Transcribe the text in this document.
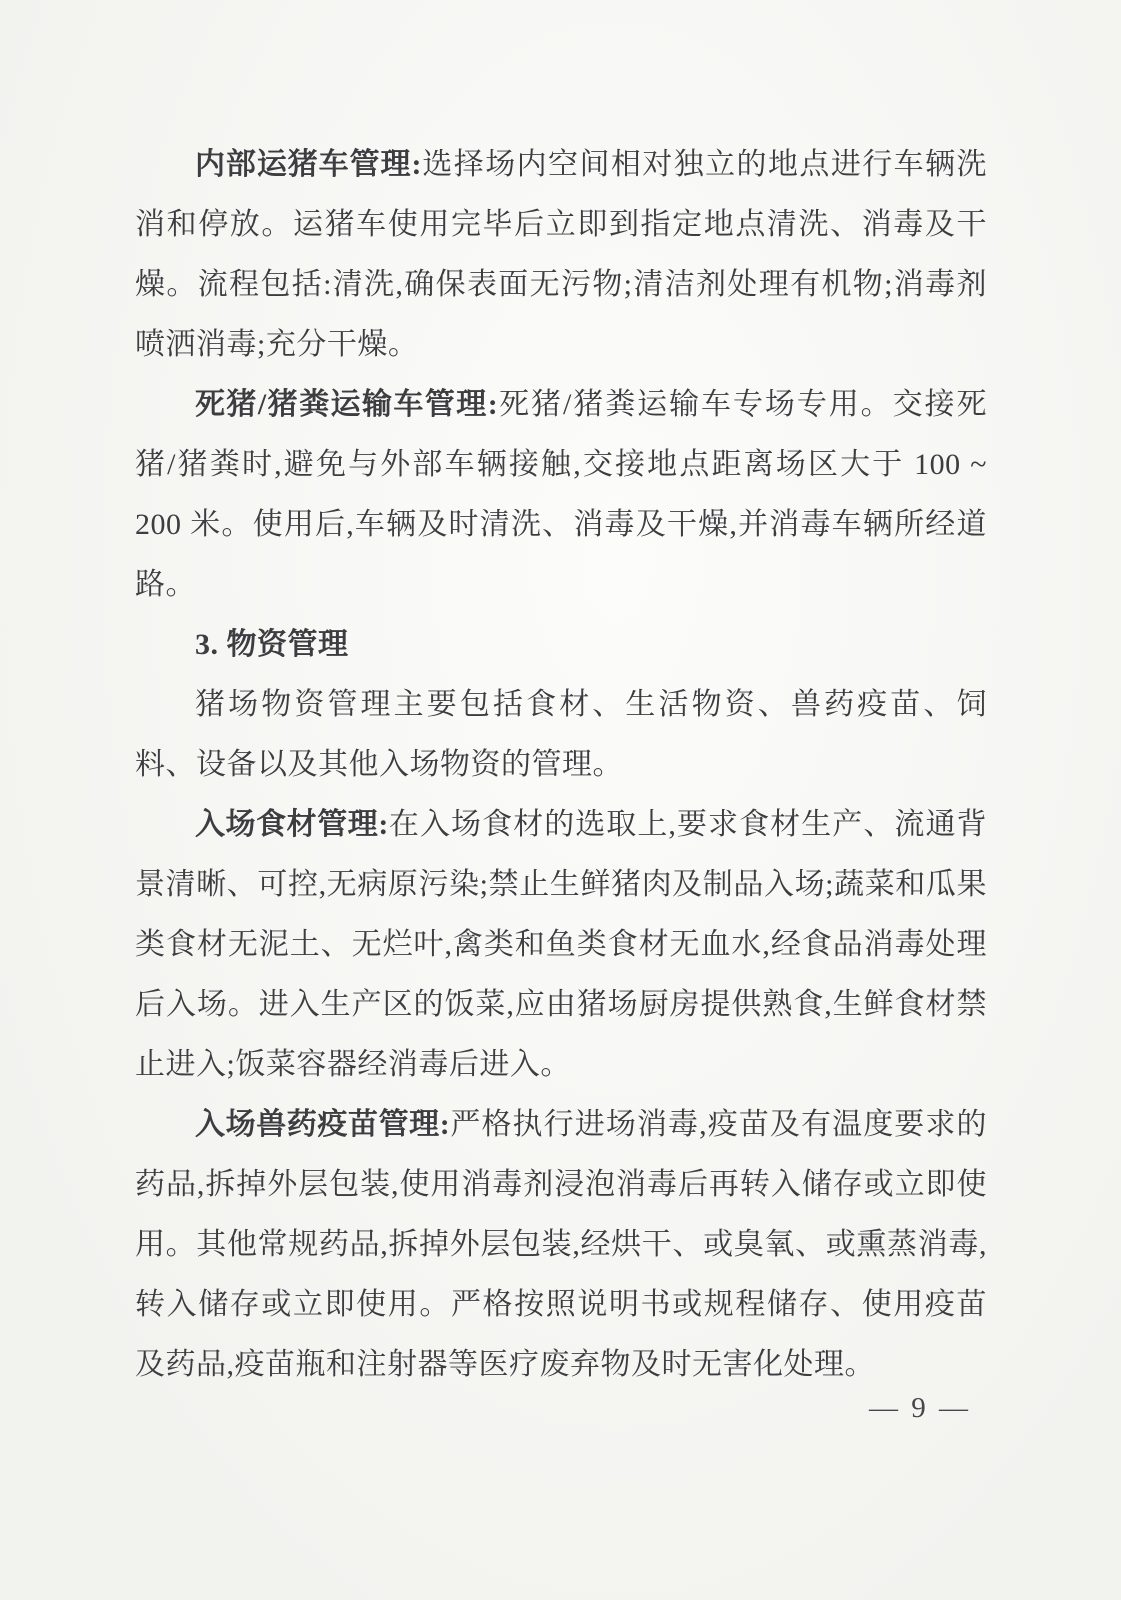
内部运猪车管理:选择场内空间相对独立的地点进行车辆洗消和停放。运猪车使用完毕后立即到指定地点清洗、消毒及干燥。流程包括:清洗,确保表面无污物;清洁剂处理有机物;消毒剂喷洒消毒;充分干燥。

死猪/猪粪运输车管理:死猪/猪粪运输车专场专用。交接死猪/猪粪时,避免与外部车辆接触,交接地点距离场区大于 100 ~ 200 米。使用后,车辆及时清洗、消毒及干燥,并消毒车辆所经道路。

3. 物资管理

猪场物资管理主要包括食材、生活物资、兽药疫苗、饲料、设备以及其他入场物资的管理。

入场食材管理:在入场食材的选取上,要求食材生产、流通背景清晰、可控,无病原污染;禁止生鲜猪肉及制品入场;蔬菜和瓜果类食材无泥土、无烂叶,禽类和鱼类食材无血水,经食品消毒处理后入场。进入生产区的饭菜,应由猪场厨房提供熟食,生鲜食材禁止进入;饭菜容器经消毒后进入。

入场兽药疫苗管理:严格执行进场消毒,疫苗及有温度要求的药品,拆掉外层包装,使用消毒剂浸泡消毒后再转入储存或立即使用。其他常规药品,拆掉外层包装,经烘干、或臭氧、或熏蒸消毒,转入储存或立即使用。严格按照说明书或规程储存、使用疫苗及药品,疫苗瓶和注射器等医疗废弃物及时无害化处理。

— 9 —
